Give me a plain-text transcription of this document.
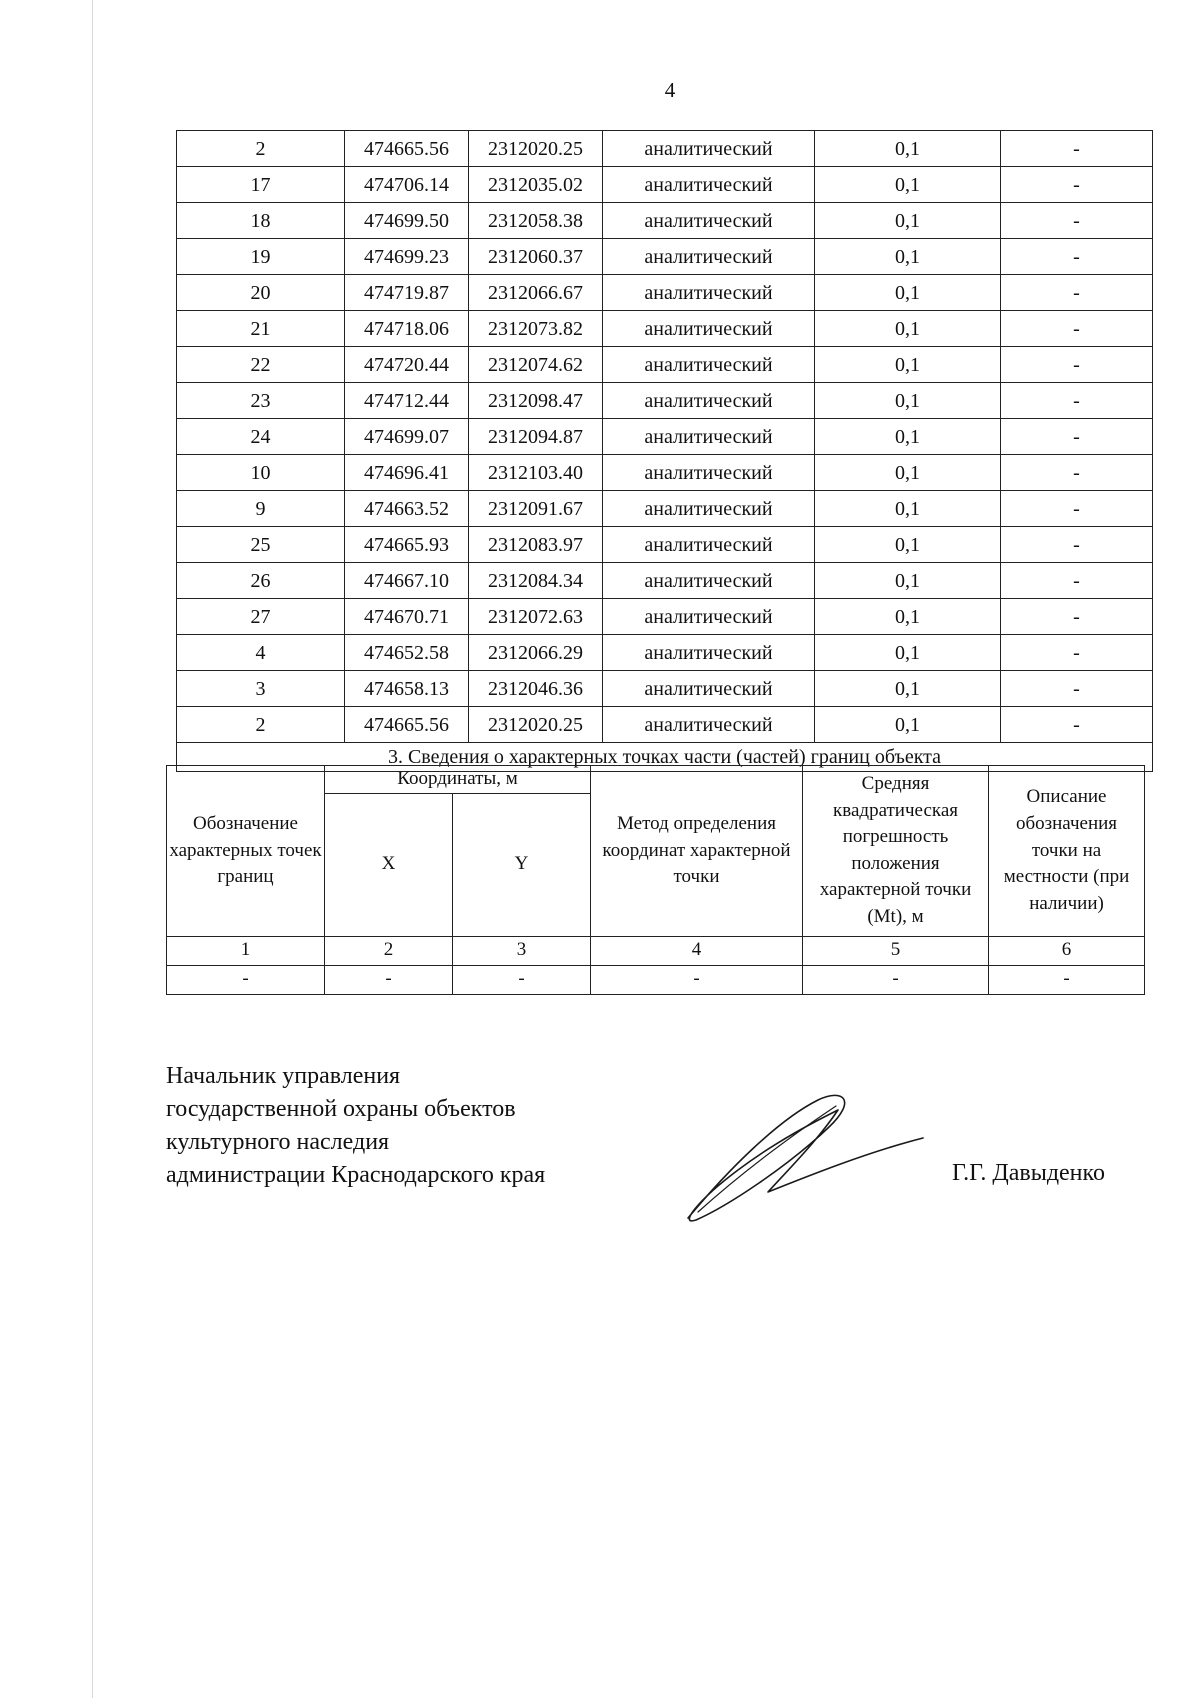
4
2	474665.56	2312020.25	аналитический	0,1	-
17	474706.14	2312035.02	аналитический	0,1	-
18	474699.50	2312058.38	аналитический	0,1	-
19	474699.23	2312060.37	аналитический	0,1	-
20	474719.87	2312066.67	аналитический	0,1	-
21	474718.06	2312073.82	аналитический	0,1	-
22	474720.44	2312074.62	аналитический	0,1	-
23	474712.44	2312098.47	аналитический	0,1	-
24	474699.07	2312094.87	аналитический	0,1	-
10	474696.41	2312103.40	аналитический	0,1	-
9	474663.52	2312091.67	аналитический	0,1	-
25	474665.93	2312083.97	аналитический	0,1	-
26	474667.10	2312084.34	аналитический	0,1	-
27	474670.71	2312072.63	аналитический	0,1	-
4	474652.58	2312066.29	аналитический	0,1	-
3	474658.13	2312046.36	аналитический	0,1	-
2	474665.56	2312020.25	аналитический	0,1	-
3. Сведения о характерных точках части (частей) границ объекта					
Обозначение характерных точек границ	Координаты, м		Метод определения координат характерной точки	Средняя квадратическая погрешность положения характерной точки (Mt), м	Описание обозначения точки на местности (при наличии)
	X	Y			
1	2	3	4	5	6
-	-	-	-	-	-
Начальник управления
государственной охраны объектов
культурного наследия
администрации Краснодарского края	Г.Г. Давыденко
